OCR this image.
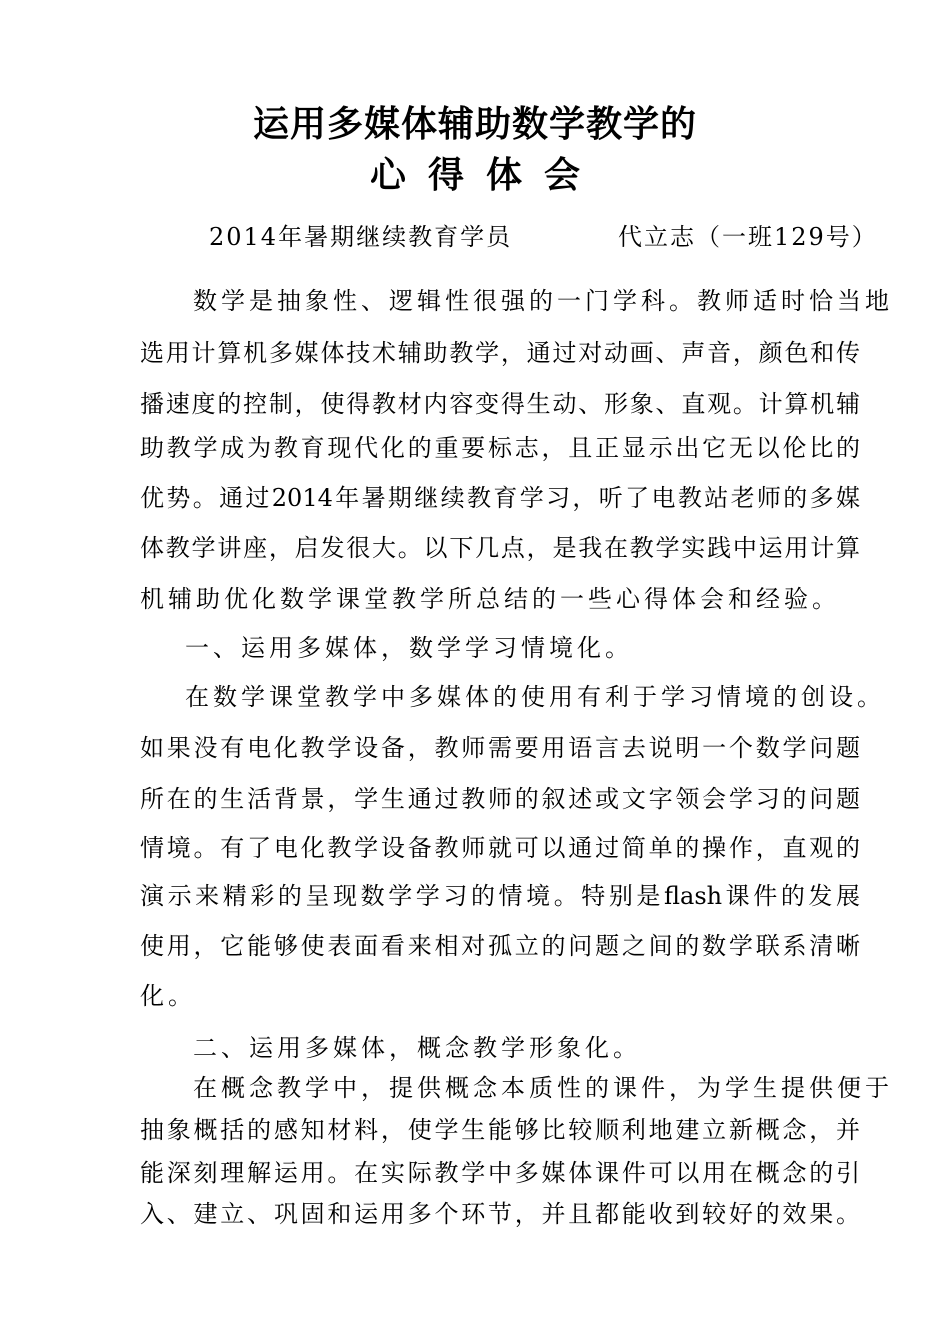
运用多媒体辅助数学教学的
心得体会
2014年暑期继续教育学员           代立志（一班129号）
数学是抽象性、逻辑性很强的一门学科。教师适时恰当地
选用计算机多媒体技术辅助教学，通过对动画、声音，颜色和传
播速度的控制，使得教材内容变得生动、形象、直观。计算机辅
助教学成为教育现代化的重要标志，且正显示出它无以伦比的
优势。通过2014年暑期继续教育学习，听了电教站老师的多媒
体教学讲座，启发很大。以下几点，是我在教学实践中运用计算
机辅助优化数学课堂教学所总结的一些心得体会和经验。
一、运用多媒体，数学学习情境化。
在数学课堂教学中多媒体的使用有利于学习情境的创设。
如果没有电化教学设备，教师需要用语言去说明一个数学问题
所在的生活背景，学生通过教师的叙述或文字领会学习的问题
情境。有了电化教学设备教师就可以通过简单的操作，直观的
演示来精彩的呈现数学学习的情境。特别是flash课件的发展
使用，它能够使表面看来相对孤立的问题之间的数学联系清晰
化。
二、运用多媒体，概念教学形象化。
在概念教学中，提供概念本质性的课件，为学生提供便于
抽象概括的感知材料，使学生能够比较顺利地建立新概念，并
能深刻理解运用。在实际教学中多媒体课件可以用在概念的引
入、建立、巩固和运用多个环节，并且都能收到较好的效果。
